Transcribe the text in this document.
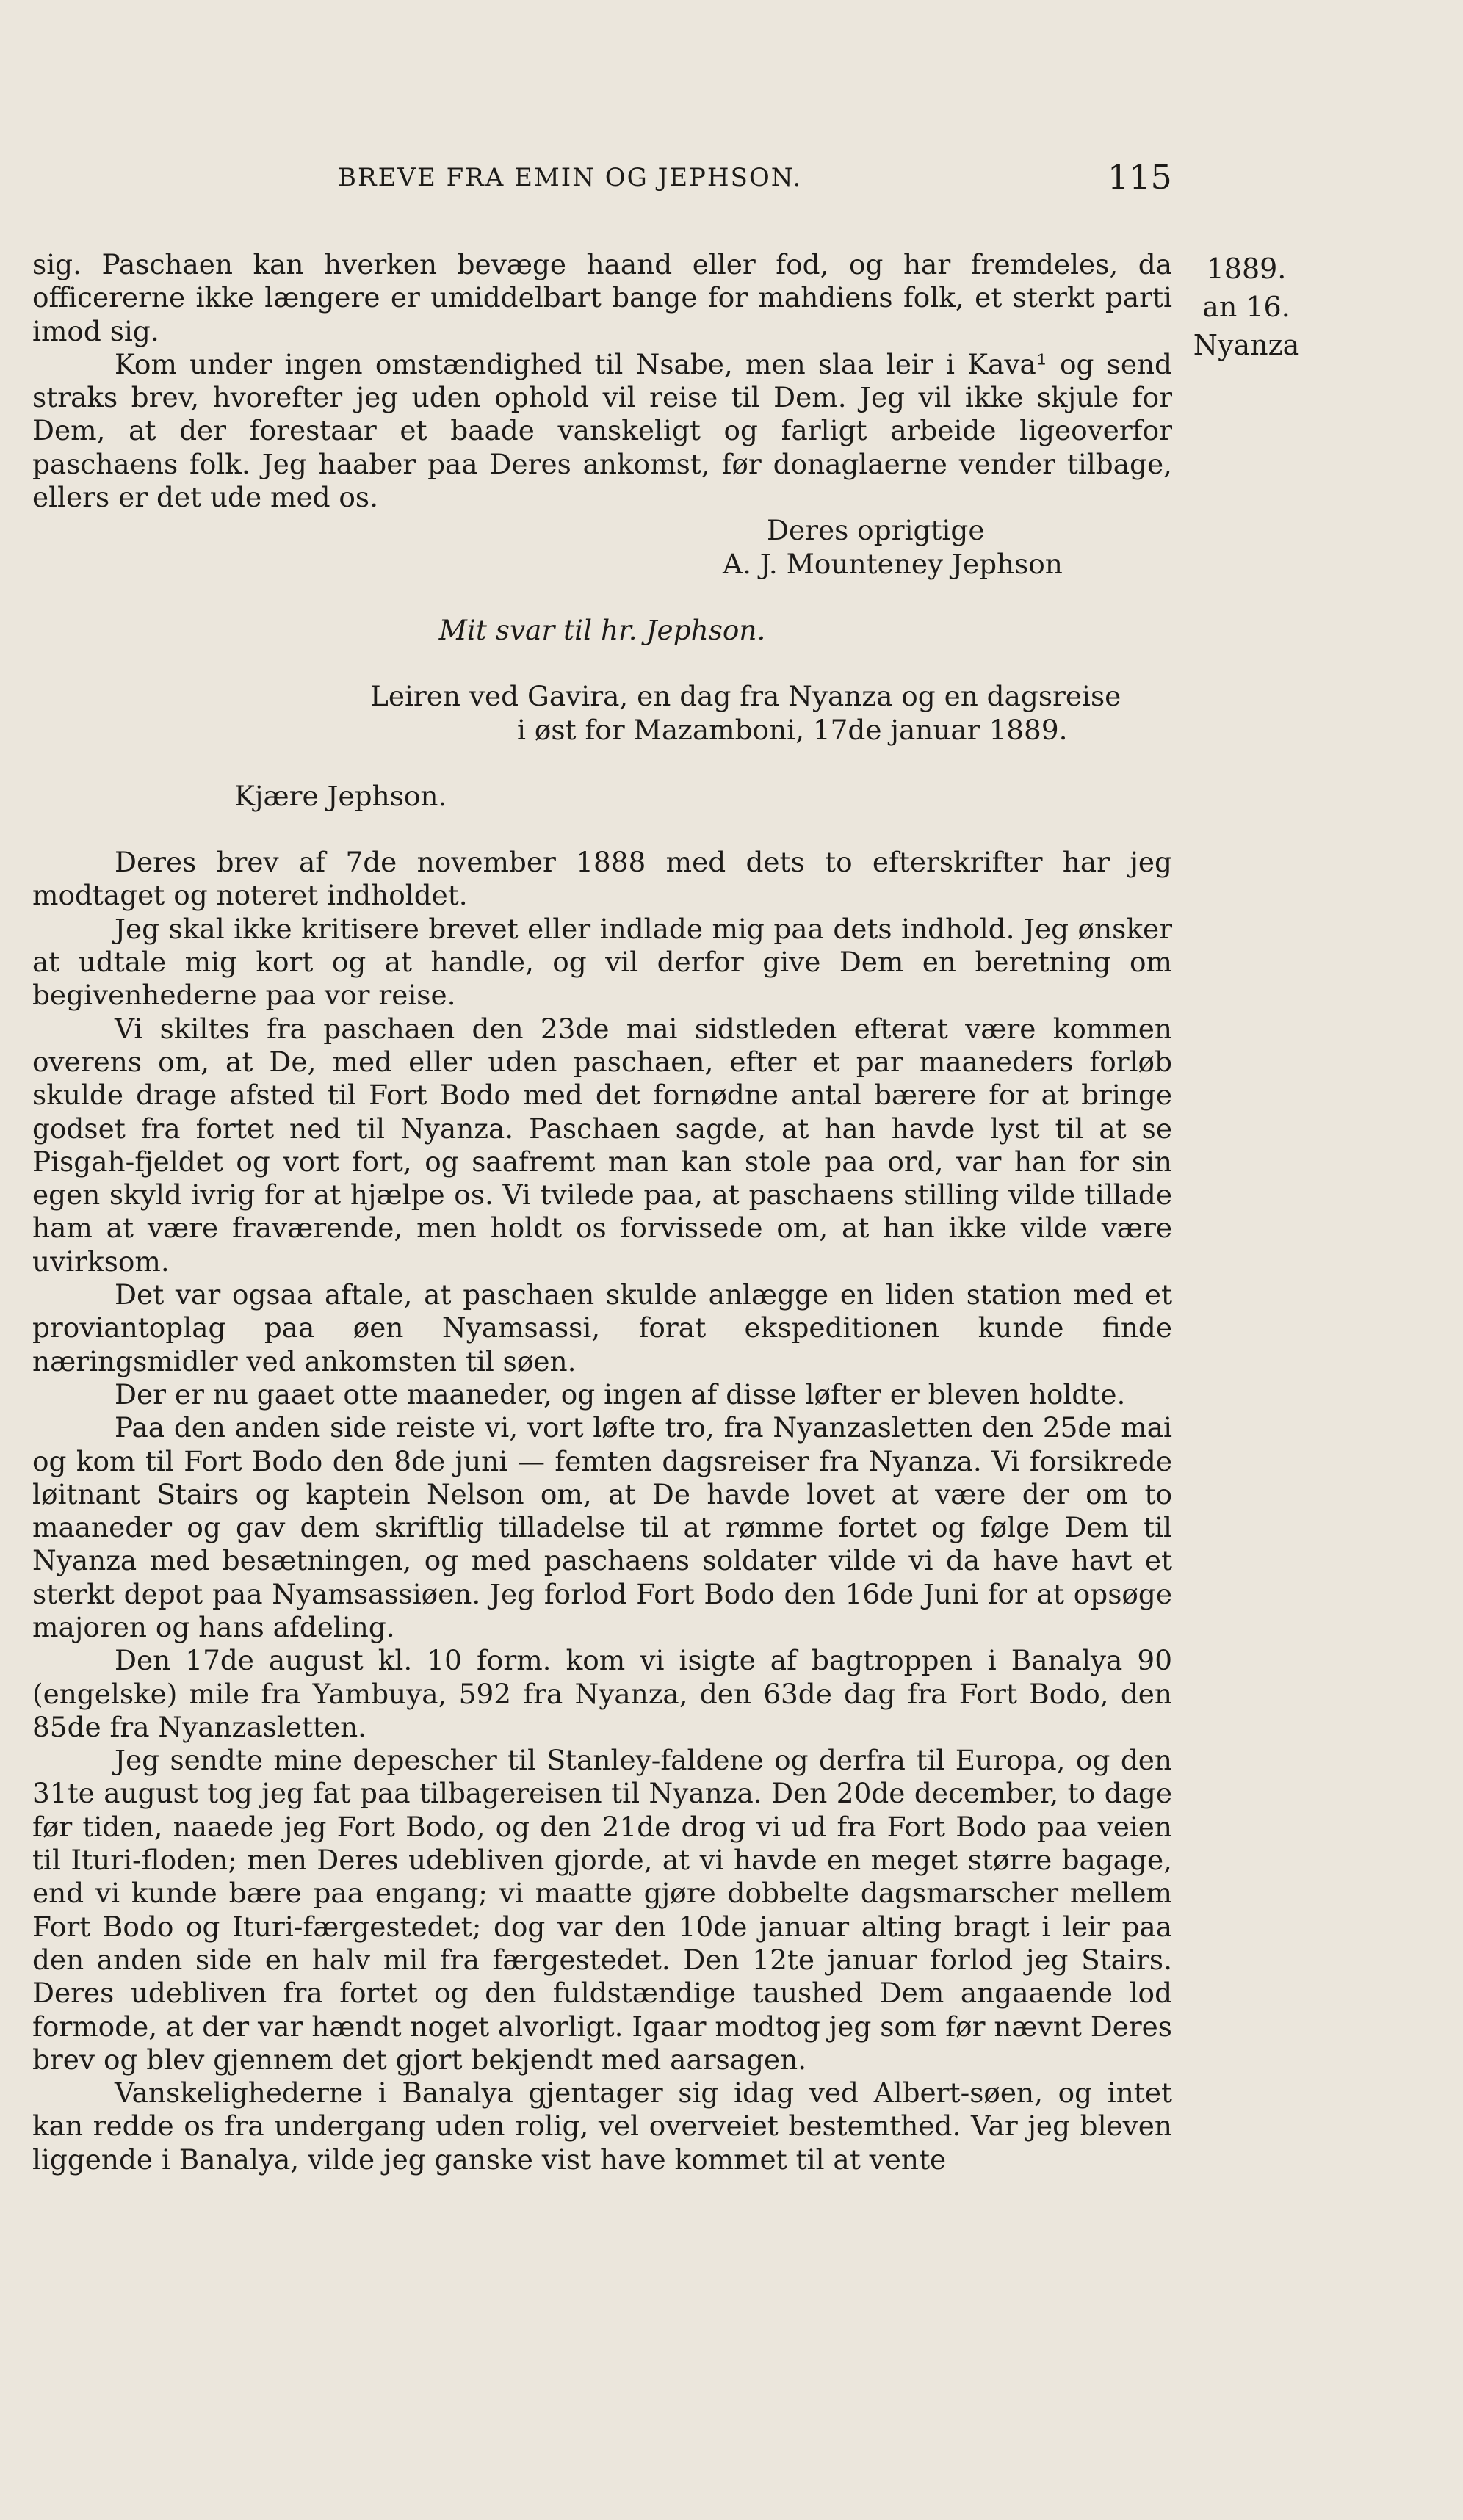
BREVE FRA EMIN OG JEPHSON.	115
1889.
an 16.
Nyanza

sig. Paschaen kan hverken bevæge haand eller fod, og har fremdeles, da officererne ikke længere er umiddelbart bange for mahdiens folk, et sterkt parti imod sig.

Kom under ingen omstændighed til Nsabe, men slaa leir i Kava¹ og send straks brev, hvorefter jeg uden ophold vil reise til Dem. Jeg vil ikke skjule for Dem, at der forestaar et baade vanskeligt og farligt arbeide ligeoverfor paschaens folk. Jeg haaber paa Deres ankomst, før donaglaerne vender tilbage, ellers er det ude med os.

Deres oprigtige

A. J. Mounteney Jephson

Mit svar til hr. Jephson.

Leiren ved Gavira, en dag fra Nyanza og en dagsreise

i øst for Mazamboni, 17de januar 1889.

Kjære Jephson.

Deres brev af 7de november 1888 med dets to efterskrifter har jeg modtaget og noteret indholdet.

Jeg skal ikke kritisere brevet eller indlade mig paa dets indhold. Jeg ønsker at udtale mig kort og at handle, og vil derfor give Dem en beretning om begivenhederne paa vor reise.

Vi skiltes fra paschaen den 23de mai sidstleden efterat være kommen overens om, at De, med eller uden paschaen, efter et par maaneders forløb skulde drage afsted til Fort Bodo med det fornødne antal bærere for at bringe godset fra fortet ned til Nyanza. Paschaen sagde, at han havde lyst til at se Pisgah-fjeldet og vort fort, og saafremt man kan stole paa ord, var han for sin egen skyld ivrig for at hjælpe os. Vi tvilede paa, at paschaens stilling vilde tillade ham at være fraværende, men holdt os forvissede om, at han ikke vilde være uvirksom.

Det var ogsaa aftale, at paschaen skulde anlægge en liden station med et proviantoplag paa øen Nyamsassi, forat ekspeditionen kunde finde næringsmidler ved ankomsten til søen.

Der er nu gaaet otte maaneder, og ingen af disse løfter er bleven holdte.

Paa den anden side reiste vi, vort løfte tro, fra Nyanzasletten den 25de mai og kom til Fort Bodo den 8de juni — femten dagsreiser fra Nyanza. Vi forsikrede løitnant Stairs og kaptein Nelson om, at De havde lovet at være der om to maaneder og gav dem skriftlig tilladelse til at rømme fortet og følge Dem til Nyanza med besætningen, og med paschaens soldater vilde vi da have havt et sterkt depot paa Nyamsassiøen. Jeg forlod Fort Bodo den 16de Juni for at opsøge majoren og hans afdeling.

Den 17de august kl. 10 form. kom vi isigte af bagtroppen i Banalya 90 (engelske) mile fra Yambuya, 592 fra Nyanza, den 63de dag fra Fort Bodo, den 85de fra Nyanzasletten.

Jeg sendte mine depescher til Stanley-faldene og derfra til Europa, og den 31te august tog jeg fat paa tilbagereisen til Nyanza. Den 20de december, to dage før tiden, naaede jeg Fort Bodo, og den 21de drog vi ud fra Fort Bodo paa veien til Ituri-floden; men Deres udebliven gjorde, at vi havde en meget større bagage, end vi kunde bære paa engang; vi maatte gjøre dobbelte dagsmarscher mellem Fort Bodo og Ituri-færgestedet; dog var den 10de januar alting bragt i leir paa den anden side en halv mil fra færgestedet. Den 12te januar forlod jeg Stairs. Deres udebliven fra fortet og den fuldstændige taushed Dem angaaende lod formode, at der var hændt noget alvorligt. Igaar modtog jeg som før nævnt Deres brev og blev gjennem det gjort bekjendt med aarsagen.

Vanskelighederne i Banalya gjentager sig idag ved Albert-søen, og intet kan redde os fra undergang uden rolig, vel overveiet bestemthed. Var jeg bleven liggende i Banalya, vilde jeg ganske vist have kommet til at vente
